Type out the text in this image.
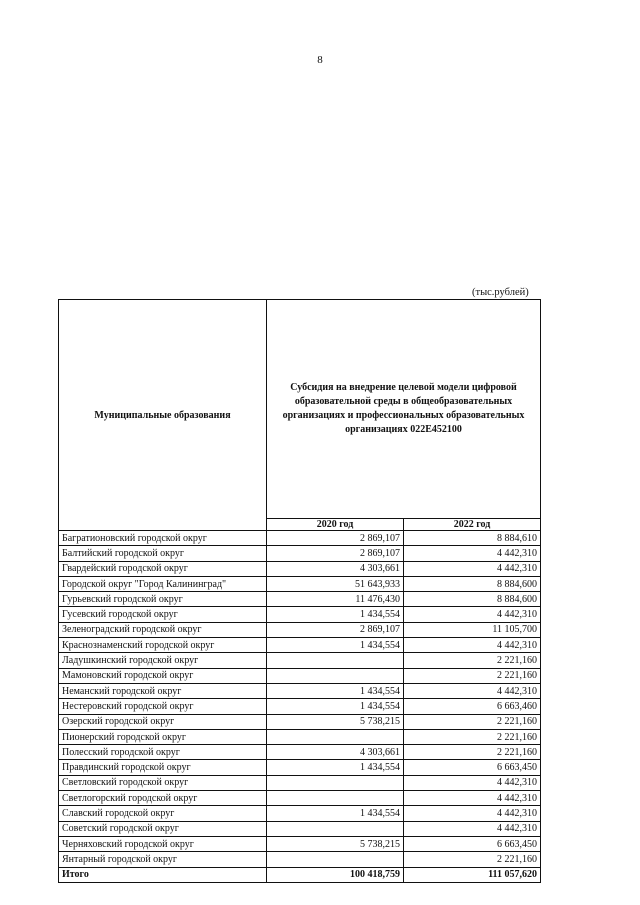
8
(тыс.рублей)
Муниципальные образования	Субсидия на внедрение целевой модели цифровой образовательной среды в общеобразовательных организациях и профессиональных образовательных организациях 022Е452100	
	2020 год	2022 год
Багратионовский городской округ	2 869,107	8 884,610
Балтийский городской округ	2 869,107	4 442,310
Гвардейский городской округ	4 303,661	4 442,310
Городской округ "Город Калининград"	51 643,933	8 884,600
Гурьевский городской округ	11 476,430	8 884,600
Гусевский городской округ	1 434,554	4 442,310
Зеленоградский городской округ	2 869,107	11 105,700
Краснознаменский городской округ	1 434,554	4 442,310
Ладушкинский городской округ		2 221,160
Мамоновский городской округ		2 221,160
Неманский городской округ	1 434,554	4 442,310
Нестеровский городской округ	1 434,554	6 663,460
Озерский городской округ	5 738,215	2 221,160
Пионерский городской округ		2 221,160
Полесский городской округ	4 303,661	2 221,160
Правдинский городской округ	1 434,554	6 663,450
Светловский городской округ		4 442,310
Светлогорский городской округ		4 442,310
Славский городской округ	1 434,554	4 442,310
Советский городской округ		4 442,310
Черняховский городской округ	5 738,215	6 663,450
Янтарный городской округ		2 221,160
Итого	100 418,759	111 057,620
